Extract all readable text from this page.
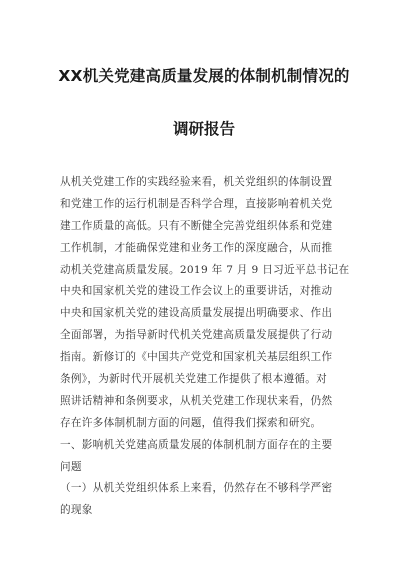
XX机关党建高质量发展的体制机制情况的
调研报告
从机关党建工作的实践经验来看，机关党组织的体制设置
和党建工作的运行机制是否科学合理，直接影响着机关党
建工作质量的高低。只有不断健全完善党组织体系和党建
工作机制，才能确保党建和业务工作的深度融合，从而推
动机关党建高质量发展。2019 年 7 月 9 日习近平总书记在
中央和国家机关党的建设工作会议上的重要讲话，对推动
中央和国家机关党的建设高质量发展提出明确要求、作出
全面部署，为指导新时代机关党建高质量发展提供了行动
指南。新修订的《中国共产党党和国家机关基层组织工作
条例》，为新时代开展机关党建工作提供了根本遵循。对
照讲话精神和条例要求，从机关党建工作现状来看，仍然
存在许多体制机制方面的问题，值得我们探索和研究。
一、影响机关党建高质量发展的体制机制方面存在的主要
问题
（一）从机关党组织体系上来看，仍然存在不够科学严密
的现象
